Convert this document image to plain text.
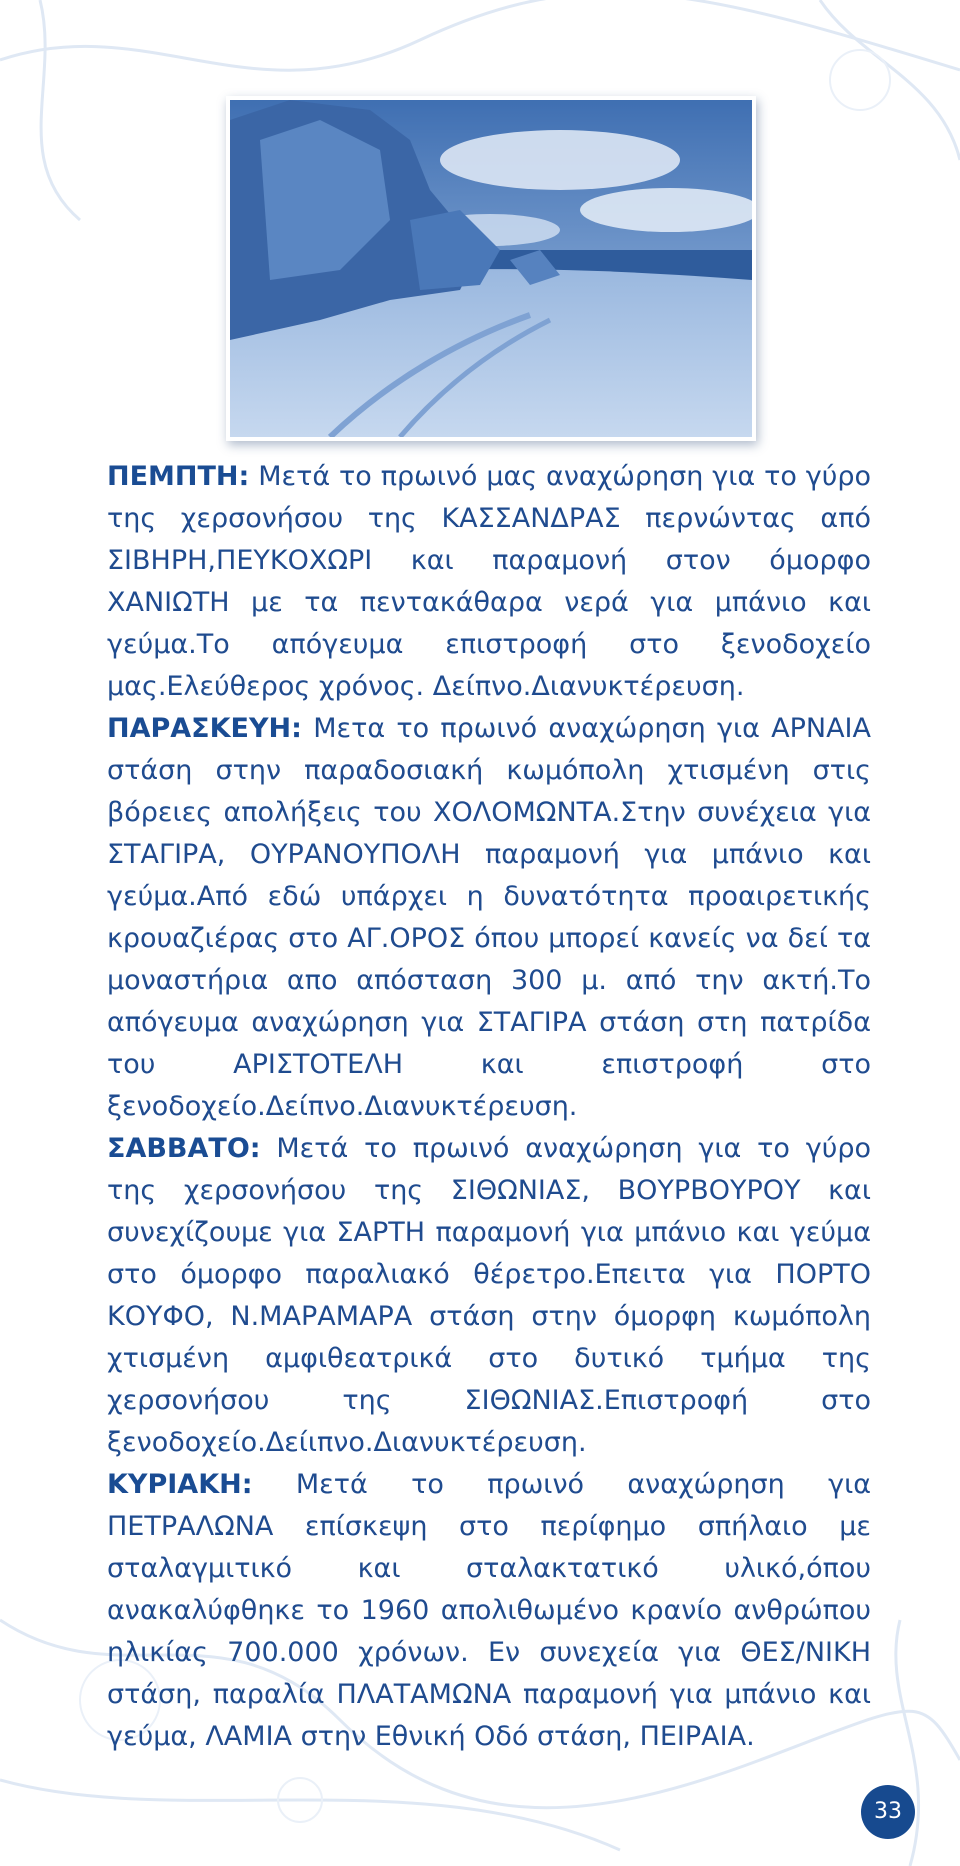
ΠΕΜΠΤΗ: Μετά το πρωινό μας αναχώρηση για το γύρο της χερσονήσου της ΚΑΣΣΑΝΔΡΑΣ περνώντας από ΣΙΒΗΡΗ,ΠΕΥΚΟΧΩΡΙ και παραμονή στον όμορφο ΧΑΝΙΩΤΗ με τα πεντακάθαρα νερά για μπάνιο και γεύμα.Το απόγευμα επιστροφή στο ξενοδοχείο μας.Ελεύθερος χρόνος. Δείπνο.Διανυκτέρευση.

ΠΑΡΑΣΚΕΥΗ: Μετα το πρωινό αναχώρηση για ΑΡΝΑΙΑ στάση στην παραδοσιακή κωμόπολη χτισμένη στις βόρειες απολήξεις του ΧΟΛΟΜΩΝΤΑ.Στην συνέχεια για ΣΤΑΓΙΡΑ, ΟΥΡΑΝΟΥΠΟΛΗ παραμονή για μπάνιο και γεύμα.Από εδώ υπάρχει η δυνατότητα προαιρετικής κρουαζιέρας στο ΑΓ.ΟΡΟΣ όπου μπορεί κανείς να δεί τα μοναστήρια απο απόσταση 300 μ. από την ακτή.Το απόγευμα αναχώρηση για ΣΤΑΓΙΡΑ στάση στη πατρίδα του ΑΡΙΣΤΟΤΕΛΗ και επιστροφή στο ξενοδοχείο.Δείπνο.Διανυκτέρευση.

ΣΑΒΒΑΤΟ: Μετά το πρωινό αναχώρηση για το γύρο της χερσονήσου της ΣΙΘΩΝΙΑΣ, ΒΟΥΡΒΟΥΡΟΥ και συνεχίζουμε για ΣΑΡΤΗ παραμονή για μπάνιο και γεύμα στο όμορφο παραλιακό θέρετρο.Επειτα για ΠΟΡΤΟ ΚΟΥΦΟ, Ν.ΜΑΡΑΜΑΡΑ στάση στην όμορφη κωμόπολη χτισμένη αμφιθεατρικά στο δυτικό τμήμα της χερσονήσου της ΣΙΘΩΝΙΑΣ.Επιστροφή στο ξενοδοχείο.Δείιπνο.Διανυκτέρευση.

ΚΥΡΙΑΚΗ: Μετά το πρωινό αναχώρηση για ΠΕΤΡΑΛΩΝΑ επίσκεψη στο περίφημο σπήλαιο με σταλαγμιτικό και σταλακτατικό υλικό,όπου ανακαλύφθηκε το 1960 απολιθωμένο κρανίο ανθρώπου ηλικίας 700.000 χρόνων. Εν συνεχεία για ΘΕΣ/ΝΙΚΗ στάση, παραλία ΠΛΑΤΑΜΩΝΑ παραμονή για μπάνιο και γεύμα, ΛΑΜΙΑ στην Εθνική Οδό στάση, ΠΕΙΡΑΙΑ.

33
